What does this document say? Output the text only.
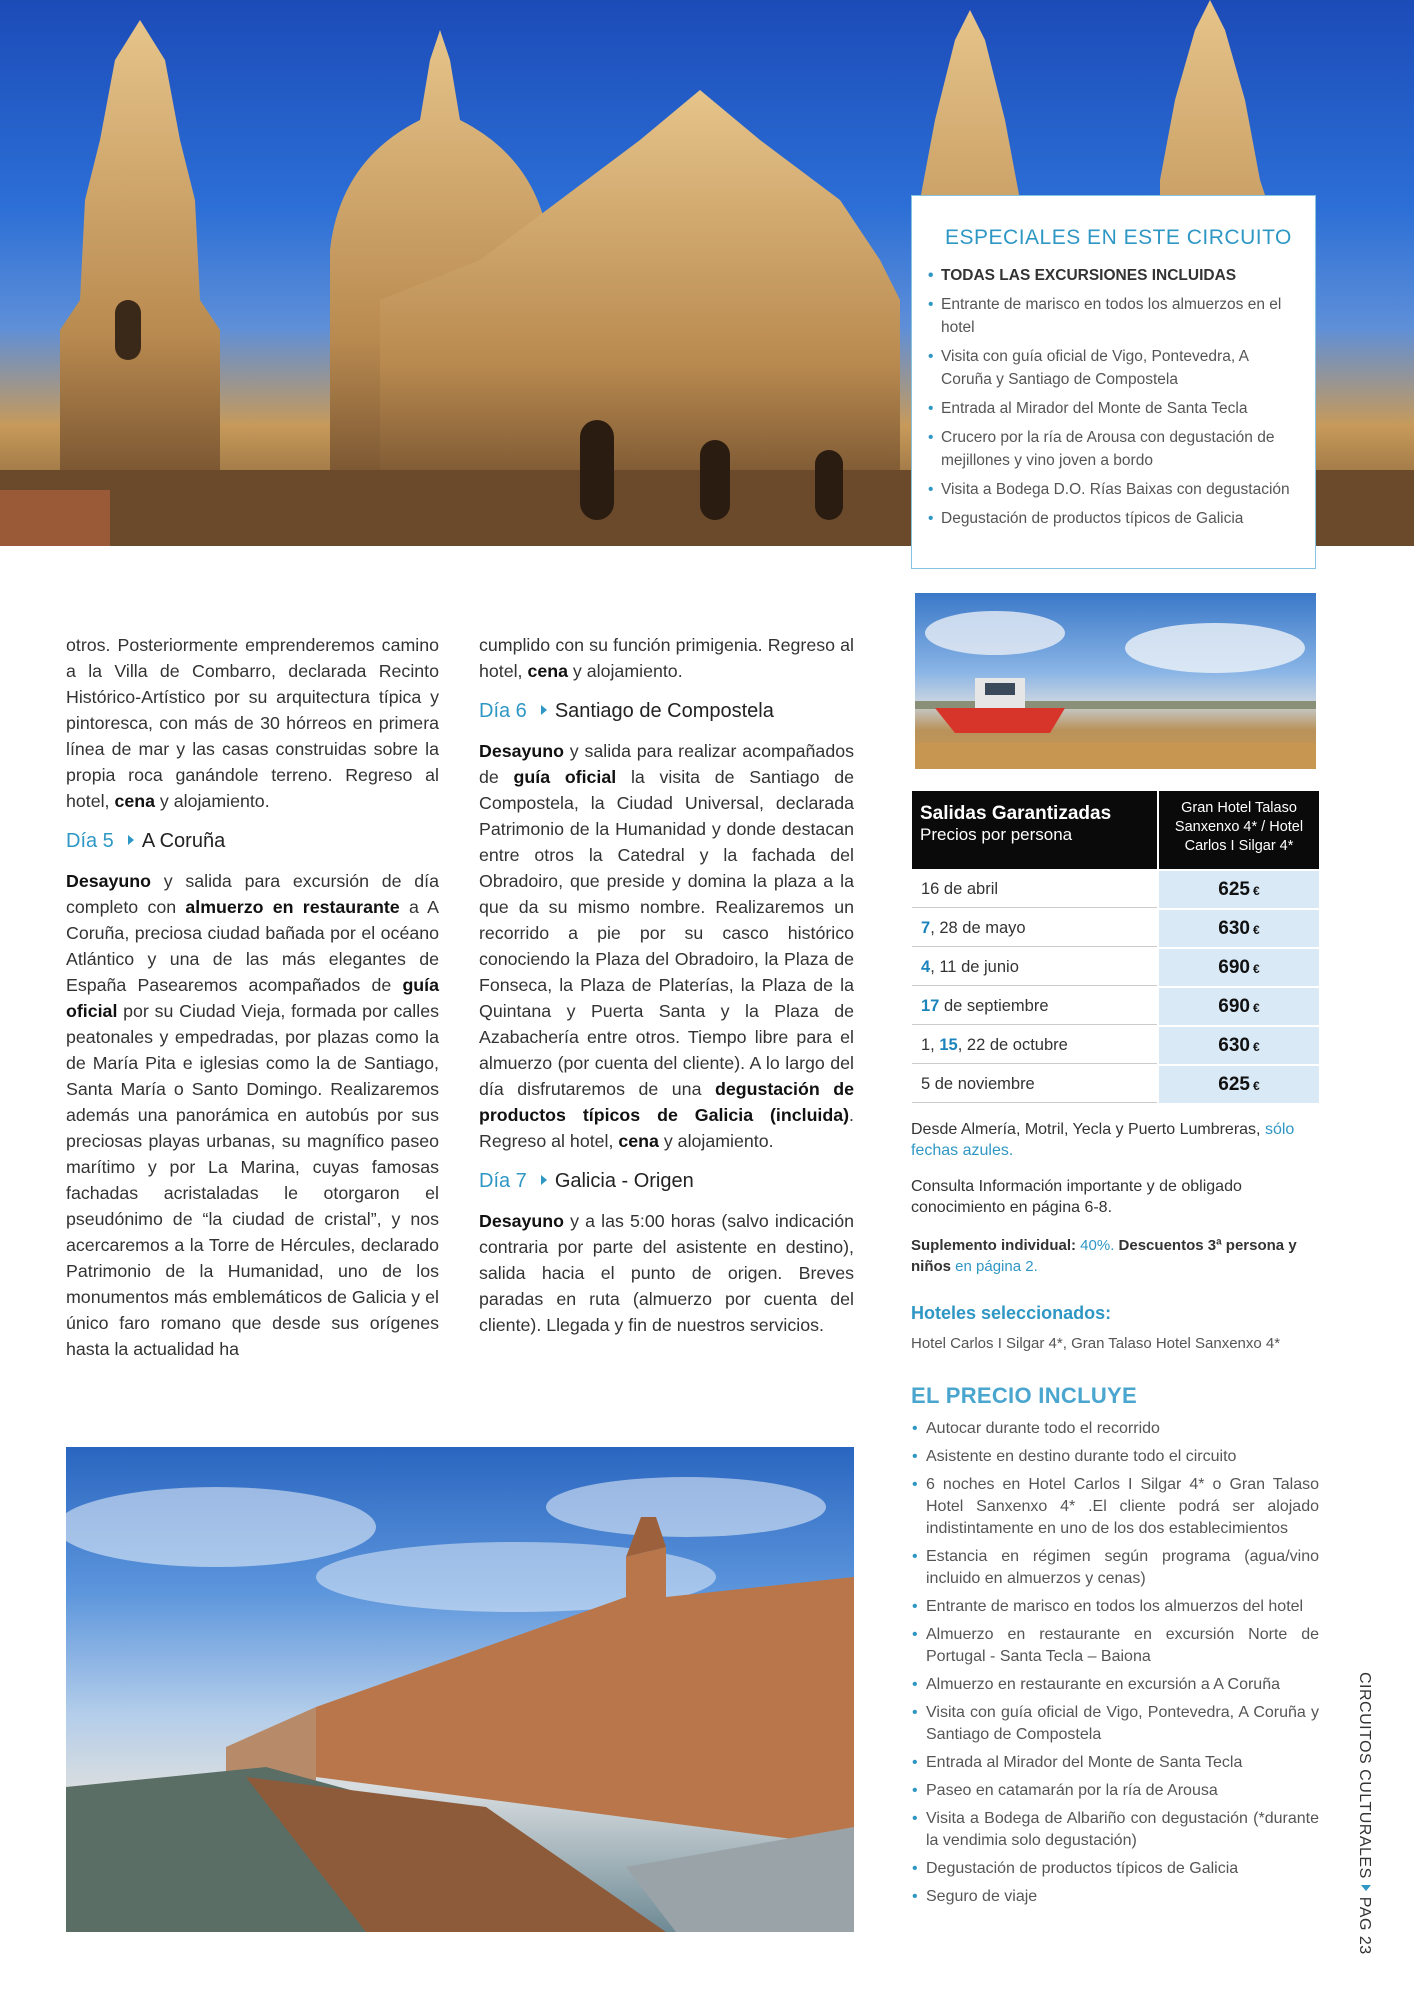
ESPECIALES EN ESTE CIRCUITO
• TODAS LAS EXCURSIONES INCLUIDAS
• Entrante de marisco en todos los almuerzos en el hotel
• Visita con guía oficial de Vigo, Pontevedra, A Coruña y Santiago de Compostela
• Entrada al Mirador del Monte de Santa Tecla
• Crucero por la ría de Arousa con degustación de mejillones y vino joven a bordo
• Visita a Bodega D.O. Rías Baixas con degustación
• Degustación de productos típicos de Galicia

otros. Posteriormente emprenderemos camino a la Villa de Combarro, declarada Recinto Histórico-Artístico por su arquitectura típica y pintoresca, con más de 30 hórreos en primera línea de mar y las casas construidas sobre la propia roca ganándole terreno. Regreso al hotel, cena y alojamiento.

Día 5 A Coruña

Desayuno y salida para excursión de día completo con almuerzo en restaurante a A Coruña, preciosa ciudad bañada por el océano Atlántico y una de las más elegantes de España Pasearemos acompañados de guía oficial por su Ciudad Vieja, formada por calles peatonales y empedradas, por plazas como la de María Pita e iglesias como la de Santiago, Santa María o Santo Domingo. Realizaremos además una panorámica en autobús por sus preciosas playas urbanas, su magnífico paseo marítimo y por La Marina, cuyas famosas fachadas acristaladas le otorgaron el pseudónimo de “la ciudad de cristal”, y nos acercaremos a la Torre de Hércules, declarado Patrimonio de la Humanidad, uno de los monumentos más emblemáticos de Galicia y el único faro romano que desde sus orígenes hasta la actualidad ha

cumplido con su función primigenia. Regreso al hotel, cena y alojamiento.

Día 6 Santiago de Compostela

Desayuno y salida para realizar acompañados de guía oficial la visita de Santiago de Compostela, la Ciudad Universal, declarada Patrimonio de la Humanidad y donde destacan entre otros la Catedral y la fachada del Obradoiro, que preside y domina la plaza a la que da su mismo nombre. Realizaremos un recorrido a pie por su casco histórico conociendo la Plaza del Obradoiro, la Plaza de Fonseca, la Plaza de Platerías, la Plaza de la Quintana y Puerta Santa y la Plaza de Azabachería entre otros. Tiempo libre para el almuerzo (por cuenta del cliente). A lo largo del día disfrutaremos de una degustación de productos típicos de Galicia (incluida). Regreso al hotel, cena y alojamiento.

Día 7 Galicia - Origen

Desayuno y a las 5:00 horas (salvo indicación contraria por parte del asistente en destino), salida hacia el punto de origen. Breves paradas en ruta (almuerzo por cuenta del cliente). Llegada y fin de nuestros servicios.

Salidas Garantizadas
Precios por persona
Gran Hotel Talaso Sanxenxo 4* / Hotel Carlos I Silgar 4*
16 de abril	625 €
7, 28 de mayo	630 €
4, 11 de junio	690 €
17 de septiembre	690 €
1, 15, 22 de octubre	630 €
5 de noviembre	625 €
Desde Almería, Motril, Yecla y Puerto Lumbreras, sólo fechas azules.
Consulta Información importante y de obligado conocimiento en página 6-8.
Suplemento individual: 40%. Descuentos 3ª persona y niños en página 2.
Hoteles seleccionados:
Hotel Carlos I Silgar 4*, Gran Talaso Hotel Sanxenxo 4*
EL PRECIO INCLUYE
• Autocar durante todo el recorrido
• Asistente en destino durante todo el circuito
• 6 noches en Hotel Carlos I Silgar 4* o Gran Talaso Hotel Sanxenxo 4* .El cliente podrá ser alojado indistintamente en uno de los dos establecimientos
• Estancia en régimen según programa (agua/vino incluido en almuerzos y cenas)
• Entrante de marisco en todos los almuerzos del hotel
• Almuerzo en restaurante en excursión Norte de Portugal - Santa Tecla – Baiona
• Almuerzo en restaurante en excursión a A Coruña
• Visita con guía oficial de Vigo, Pontevedra, A Coruña y Santiago de Compostela
• Entrada al Mirador del Monte de Santa Tecla
• Paseo en catamarán por la ría de Arousa
• Visita a Bodega de Albariño con degustación (*durante la vendimia solo degustación)
• Degustación de productos típicos de Galicia
• Seguro de viaje
CIRCUITOS CULTURALESPAG 23
